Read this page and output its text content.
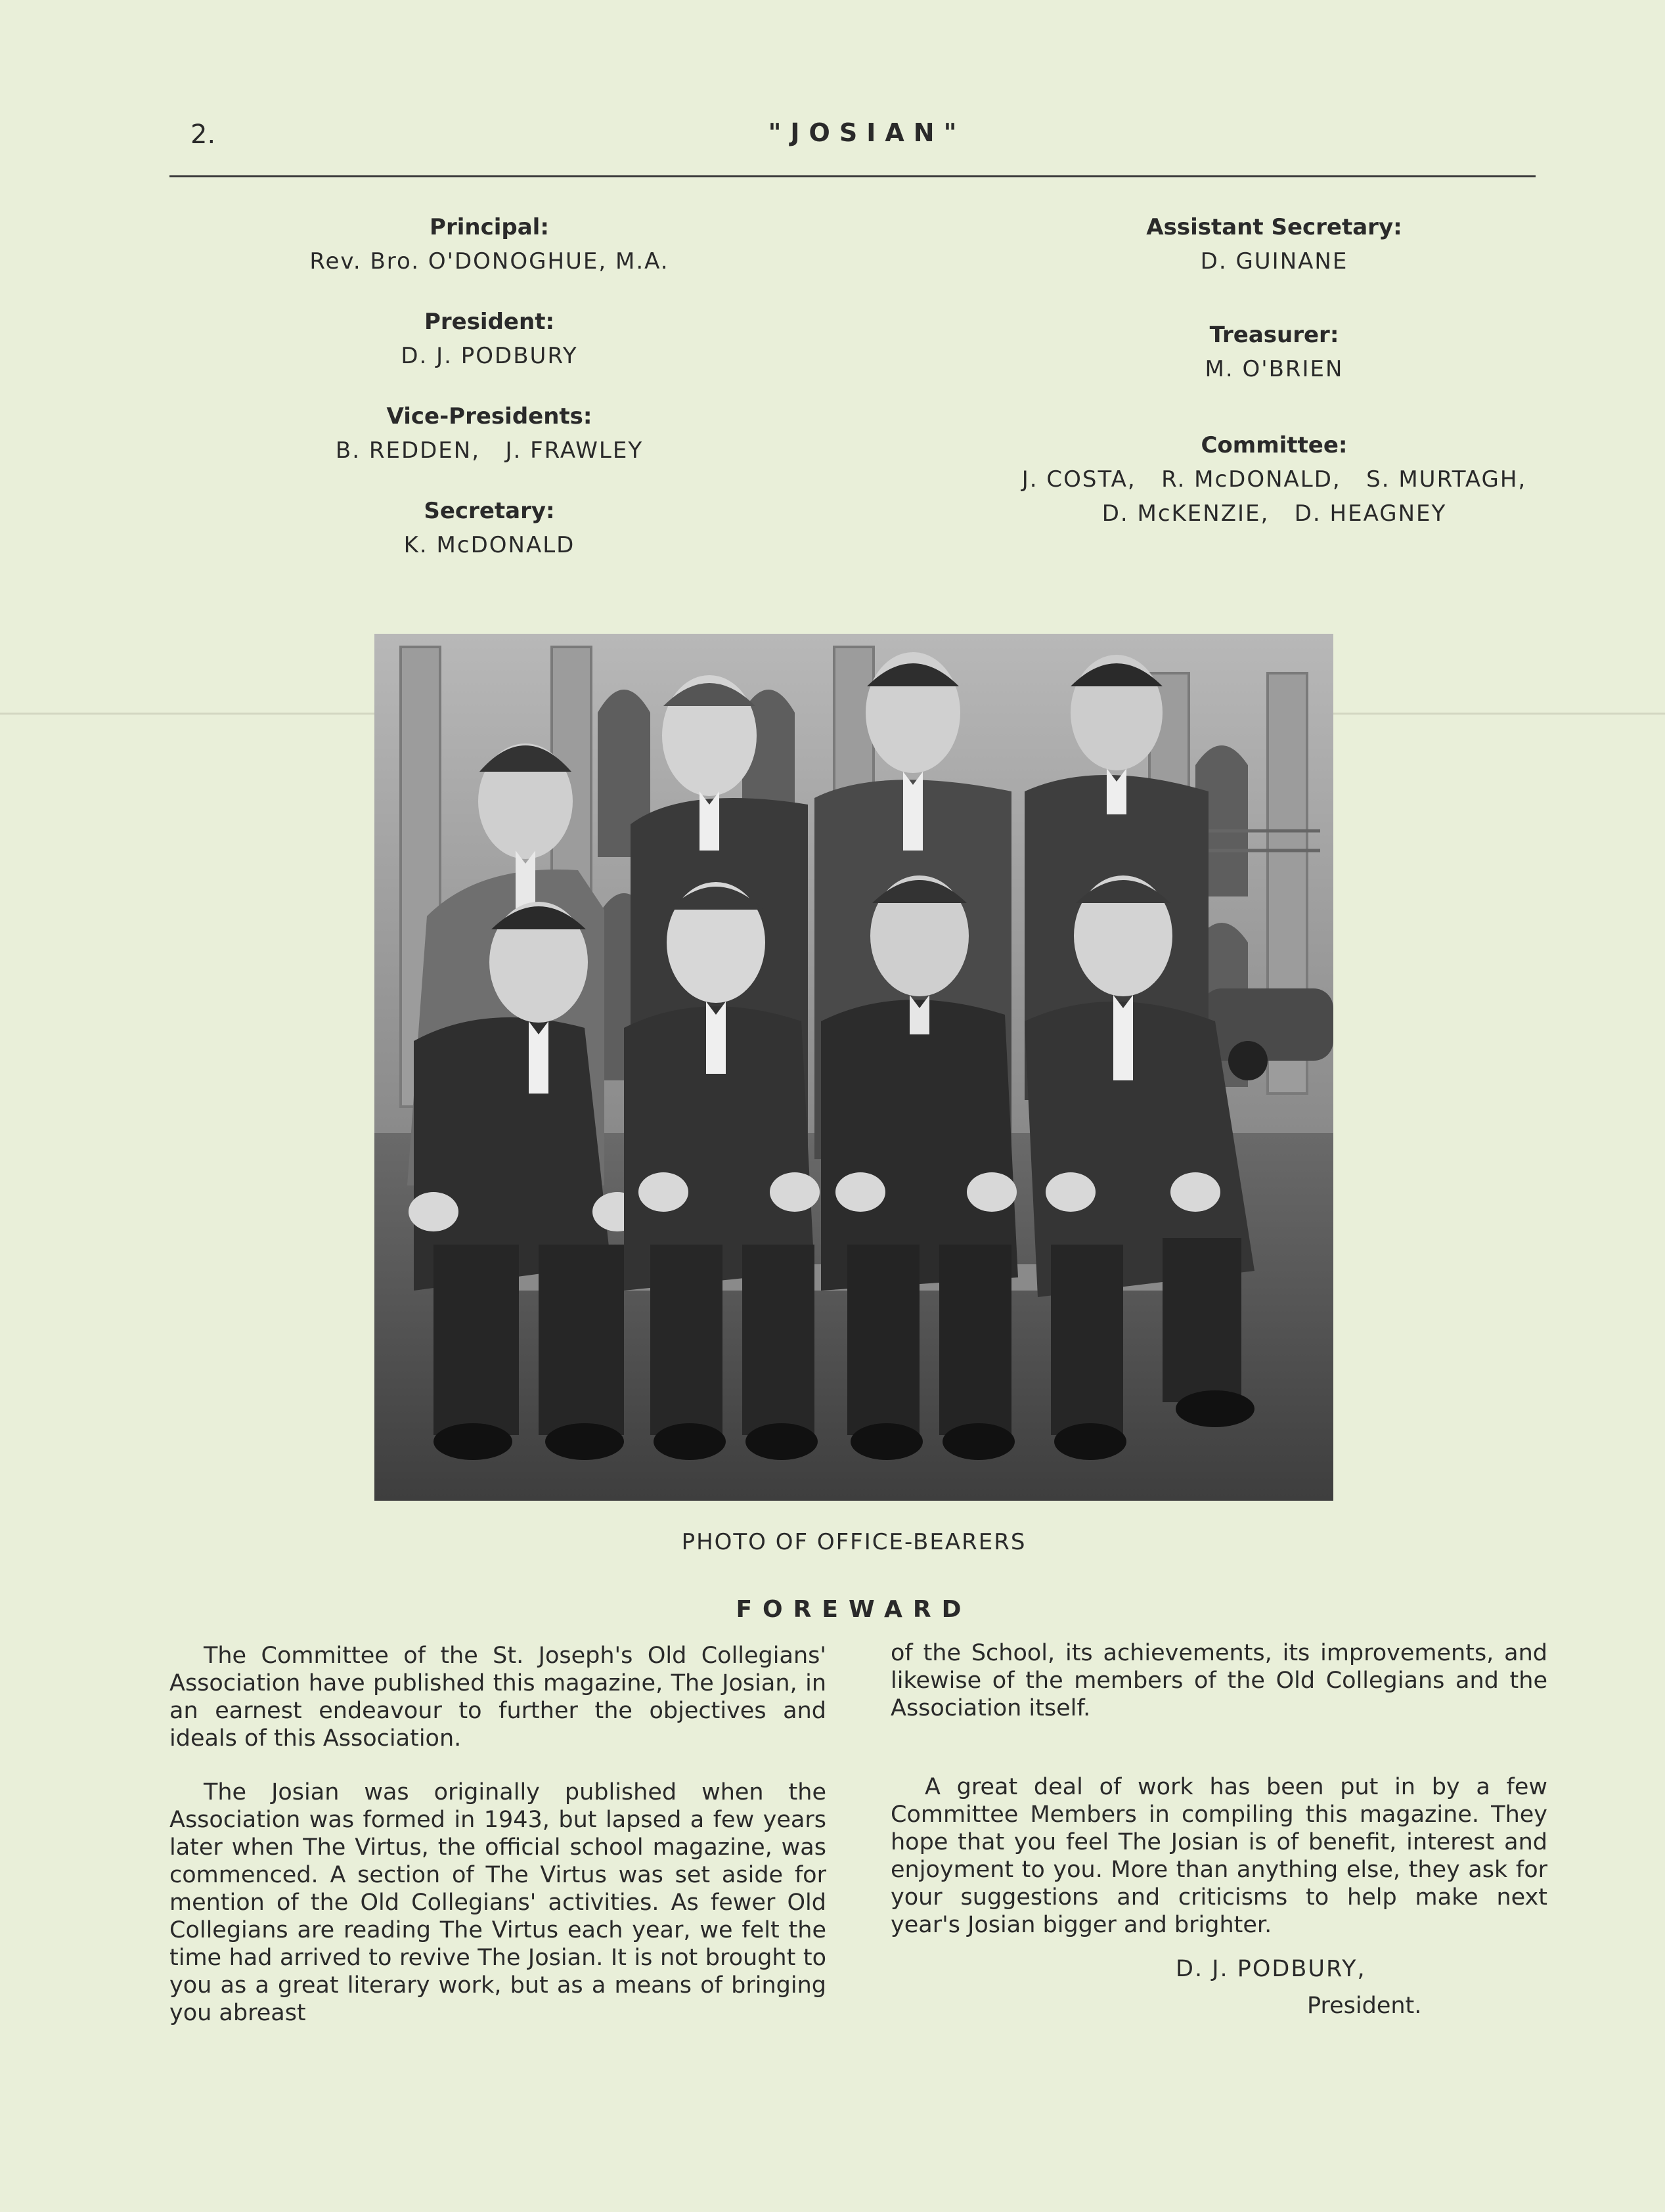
2.	"JOSIAN"
Principal:
Rev. Bro. O'DONOGHUE, M.A.
President:
D. J. PODBURY
Vice-Presidents:
B. REDDEN,   J. FRAWLEY
Secretary:
K. McDONALD
Assistant Secretary:
D. GUINANE
Treasurer:
M. O'BRIEN
Committee:
J. COSTA,   R. McDONALD,   S. MURTAGH,
D. McKENZIE,   D. HEAGNEY
PHOTO OF OFFICE-BEARERS
FOREWARD

The Committee of the St. Joseph's Old Collegians' Association have published this magazine, The Josian, in an earnest endeavour to further the objectives and ideals of this Association.

The Josian was originally published when the Association was formed in 1943, but lapsed a few years later when The Virtus, the official school magazine, was commenced. A section of The Virtus was set aside for mention of the Old Collegians' activities. As fewer Old Collegians are reading The Virtus each year, we felt the time had arrived to revive The Josian. It is not brought to you as a great literary work, but as a means of bringing you abreast

of the School, its achievements, its improvements, and likewise of the members of the Old Collegians and the Association itself.

A great deal of work has been put in by a few Committee Members in compiling this magazine. They hope that you feel The Josian is of benefit, interest and enjoyment to you. More than anything else, they ask for your suggestions and criticisms to help make next year's Josian bigger and brighter.

D. J. PODBURY,
President.
